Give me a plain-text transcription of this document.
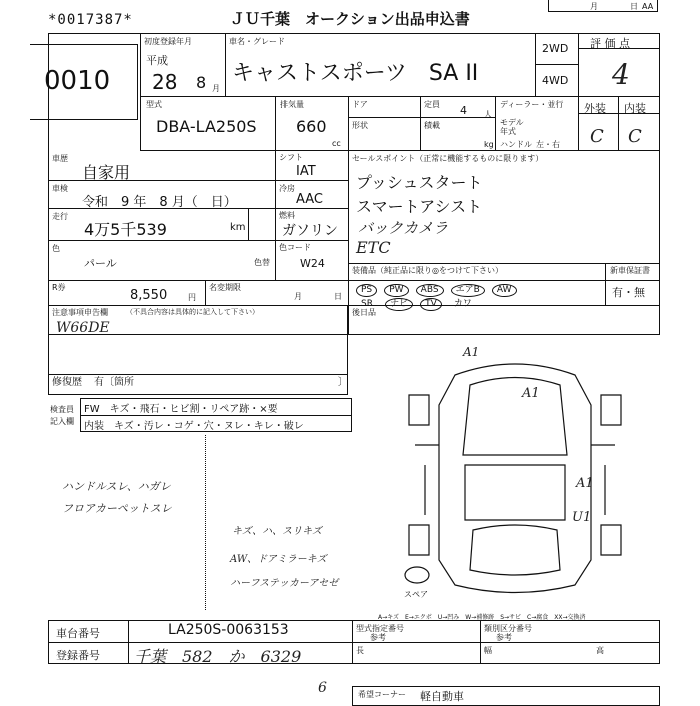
*0017387*	ＪＵ千葉　オークション出品申込書
月	日 AA
0010
初度登録年月
平成
28 8 月
車名・グレード
キャストスポーツ　SA II
2WD
4WD
評 価 点
4
型式
DBA-LA250S
排気量
660
cc
ドア
形状	積載
定員 4 人
kg
ディーラー・並行
モデル年式
ハンドル 左・右
外装 内装
C C
車歴
自家用
車検
令和　9 年　8 月（　日）
走行
4万5千539	km
シフト
IAT
冷房
AAC
燃料
ガソリン
色
パール	色替
色コード
W24
R券
8,550	円
名変期限
月	日
セールスポイント（正常に機能するものに限ります）
プッシュスタート
スマートアシスト
バックカメラ
ETC
装備品（純正品に限り◎をつけて下さい）
PS PW ABS エアB AW
SR ナビ TV カワ
新車保証書
有・無
後日品
注意事項申告欄	（不具合内容は具体的に記入して下さい）
W66DE
修復歴 有〔箇所	〕
検査員
記入欄
FW　キズ・飛石・ヒビ割・リペア跡・×要
内装　キズ・汚レ・コゲ・穴・ヌレ・キレ・破レ
ハンドルスレ、ハガレ
フロアカーペットスレ
キズ、ハ、スリキズ
AW、ドアミラーキズ
ハーフステッカーアセゼ
A1
A1
A1
U1
スペア
A→キズ　E→エクボ　U→凹み　W→補修跡　S→サビ　C→腐食　XX→交換済
車台番号	LA250S-0063153
登録番号 千葉　582　か　6329
型式指定番号
参考
類別区分番号
参考
長	幅	高
6	希望コーナー 軽自動車
